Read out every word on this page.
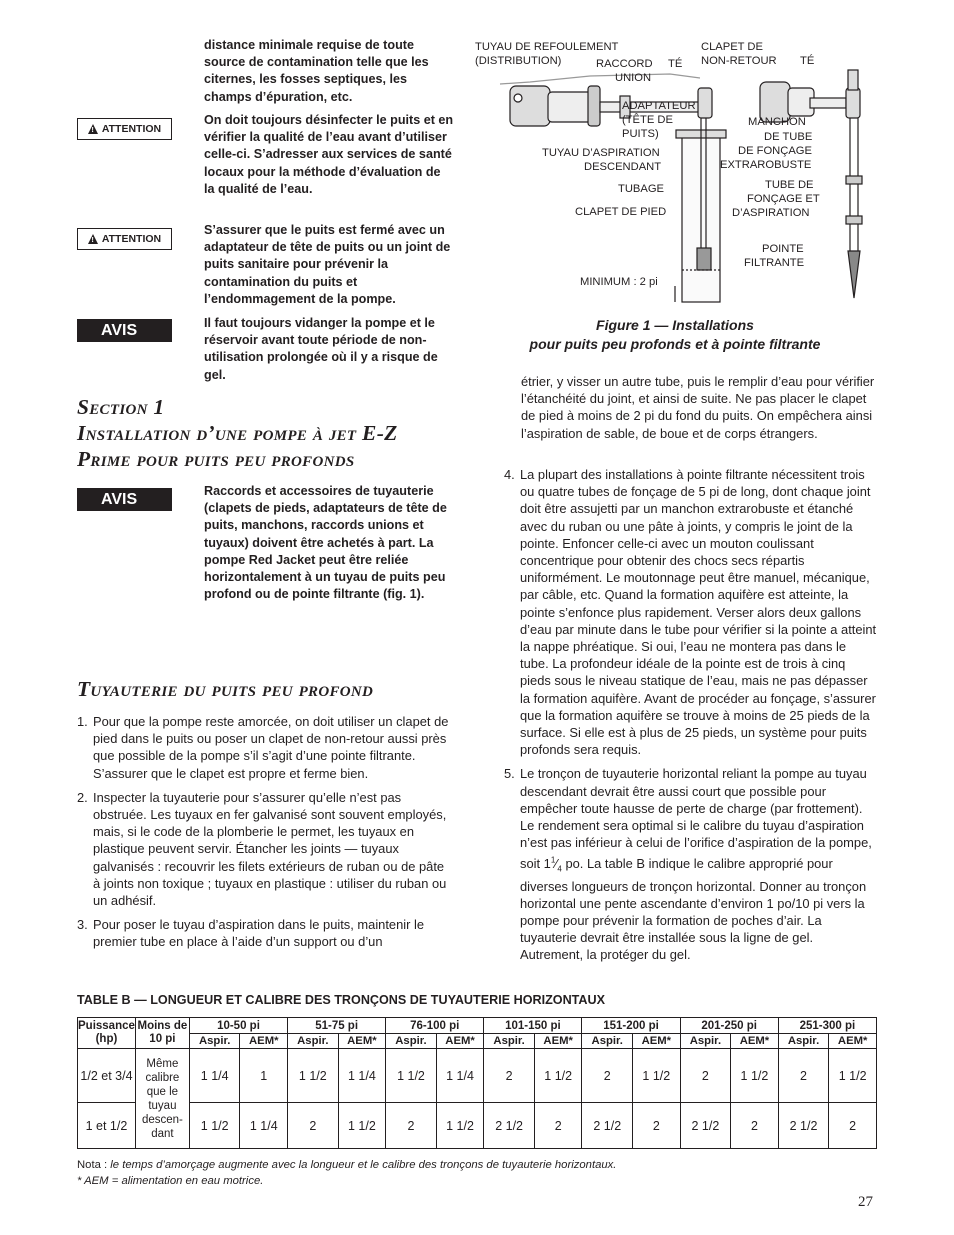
distance minimale requise de toute source de contamination telle que les citernes, les fosses septiques, les champs d’épuration, etc.
!
ATTENTION
On doit toujours désinfecter le puits et en vérifier la qualité de l’eau avant d’utiliser celle-ci. S’adresser aux services de santé locaux pour la méthode d’évaluation de la qualité de l’eau.
!
ATTENTION
S’assurer que le puits est fermé avec un adaptateur de tête de puits ou un joint de puits sanitaire pour prévenir la contamination du puits et l’endommagement de la pompe.
AVIS	Il faut toujours vidanger la pompe et le réservoir avant toute période de non-utilisation prolongée où il y a risque de gel.
Section 1
Installation d’une pompe à jet E-Z
Prime pour puits peu profonds
AVIS	Raccords et accessoires de tuyauterie (clapets de pieds, adaptateurs de tête de puits, manchons, raccords unions et tuyaux) doivent être achetés à part. La pompe Red Jacket peut être reliée horizontalement à un tuyau de puits peu profond ou de pointe filtrante (fig. 1).
Tuyauterie du puits peu profond
1. Pour que la pompe reste amorcée, on doit utiliser un clapet de pied dans le puits ou poser un clapet de non-retour aussi près que possible de la pompe s’il s’agit d’une pointe filtrante. S’assurer que le clapet est propre et ferme bien.
2. Inspecter la tuyauterie pour s’assurer qu’elle n’est pas obstruée. Les tuyaux en fer galvanisé sont souvent employés, mais, si le code de la plomberie le permet, les tuyaux en plastique peuvent servir. Étancher les joints — tuyaux galvanisés : recouvrir les filets extérieurs de ruban ou de pâte à joints non toxique ; tuyaux en plastique : utiliser du ruban ou un adhésif.
3. Pour poser le tuyau d’aspiration dans le puits, maintenir le premier tube en place à l’aide d’un support ou d’un
TUYAU DE REFOULEMENT
(DISTRIBUTION)	RACCORD
UNION
TÉ
CLAPET DE
NON-RETOUR TÉ
ADAPTATEUR
(TÊTE DE
PUITS)
MANCHON
DE TUBE
DE FONÇAGE
EXTRAROBUSTE
TUYAU D’ASPIRATION
DESCENDANT
TUBAGE	TUBE DE
FONÇAGE ET
D’ASPIRATION
CLAPET DE PIED
POINTE
FILTRANTE
MINIMUM : 2 pi
Figure 1 — Installations
pour puits peu profonds et à pointe filtrante
étrier, y visser un autre tube, puis le remplir d’eau pour vérifier l’étanchéité du joint, et ainsi de suite. Ne pas placer le clapet de pied à moins de 2 pi du fond du puits. On empêchera ainsi l’aspiration de sable, de boue et de corps étrangers.
4. La plupart des installations à pointe filtrante nécessitent trois ou quatre tubes de fonçage de 5 pi de long, dont chaque joint doit être assujetti par un manchon extrarobuste et étanché avec du ruban ou une pâte à joints, y compris le joint de la pointe. Enfoncer celle-ci avec un mouton coulissant concentrique pour obtenir des chocs secs répartis uniformément. Le moutonnage peut être manuel, mécanique, par câble, etc. Quand la formation aquifère est atteinte, la pointe s’enfonce plus rapidement. Verser alors deux gallons d’eau par minute dans le tube pour vérifier si la pointe a atteint la nappe phréatique. Si oui, l’eau ne montera pas dans le tube. La profondeur idéale de la pointe est de trois à cinq pieds sous le niveau statique de l’eau, mais ne pas dépasser la formation aquifère. Avant de procéder au fonçage, s’assurer que la formation aquifère se trouve à moins de 25 pieds de la surface. Si elle est à plus de 25 pieds, un système pour puits profonds sera requis.
5. Le tronçon de tuyauterie horizontal reliant la pompe au tuyau descendant devrait être aussi court que possible pour empêcher toute hausse de perte de charge (par frottement). Le rendement sera optimal si le calibre du tuyau d’aspiration n’est pas inférieur à celui de l’orifice d’aspiration de la pompe, soit $1^1⁄_4$ po. La table B indique le calibre approprié pour diverses longueurs de tronçon horizontal. Donner au tronçon horizontal une pente ascendante d’environ 1 po/10 pi vers la pompe pour prévenir la formation de poches d’air. La tuyauterie devrait être installée sous la ligne de gel. Autrement, la protéger du gel.
TABLE B — LONGUEUR ET CALIBRE DES TRONÇONS DE TUYAUTERIE HORIZONTAUX
Puissance (hp)	Moins de 10 pi	10-50 pi		51-75 pi		76-100 pi		101-150 pi		151-200 pi		201-250 pi		251-300 pi	
		Aspir.	AEM*	Aspir.	AEM*	Aspir.	AEM*	Aspir.	AEM*	Aspir.	AEM*	Aspir.	AEM*	Aspir.	AEM*
1/2 et 3/4	Même calibre que le tuyau descen-dant	1 1/4	1	1 1/2	1 1/4	1 1/2	1 1/4	2	1 1/2	2	1 1/2	2	1 1/2	2	1 1/2
1 et 1/2		1 1/2	1 1/4	2	1 1/2	2	1 1/2	2 1/2	2	2 1/2	2	2 1/2	2	2 1/2	2
Nota : le temps d’amorçage augmente avec la longueur et le calibre des tronçons de tuyauterie horizontaux.
* AEM = alimentation en eau motrice.
27
